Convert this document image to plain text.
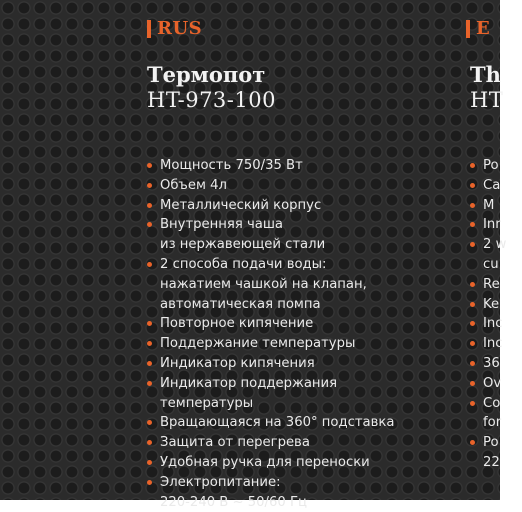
RUS
Термопот
HT-973-100
Мощность 750/35 Вт
Объем 4л
Металлический корпус
Внутренняя чаша
из нержавеющей стали
2 способа подачи воды:
нажатием чашкой на клапан,
автоматическая помпа
Повторное кипячение
Поддержание температуры
Индикатор кипячения
Индикатор поддержания
температуры
Вращающаяся на 360° подставка
Защита от перегрева
Удобная ручка для переноски
Электропитание:
220-240 В ~ 50/60 Гц
E
Th
HT
Po
Ca
M
Inr
2 w
cu
Re
Ke
Inc
Inc
36
Ov
Co
for
Po
22
